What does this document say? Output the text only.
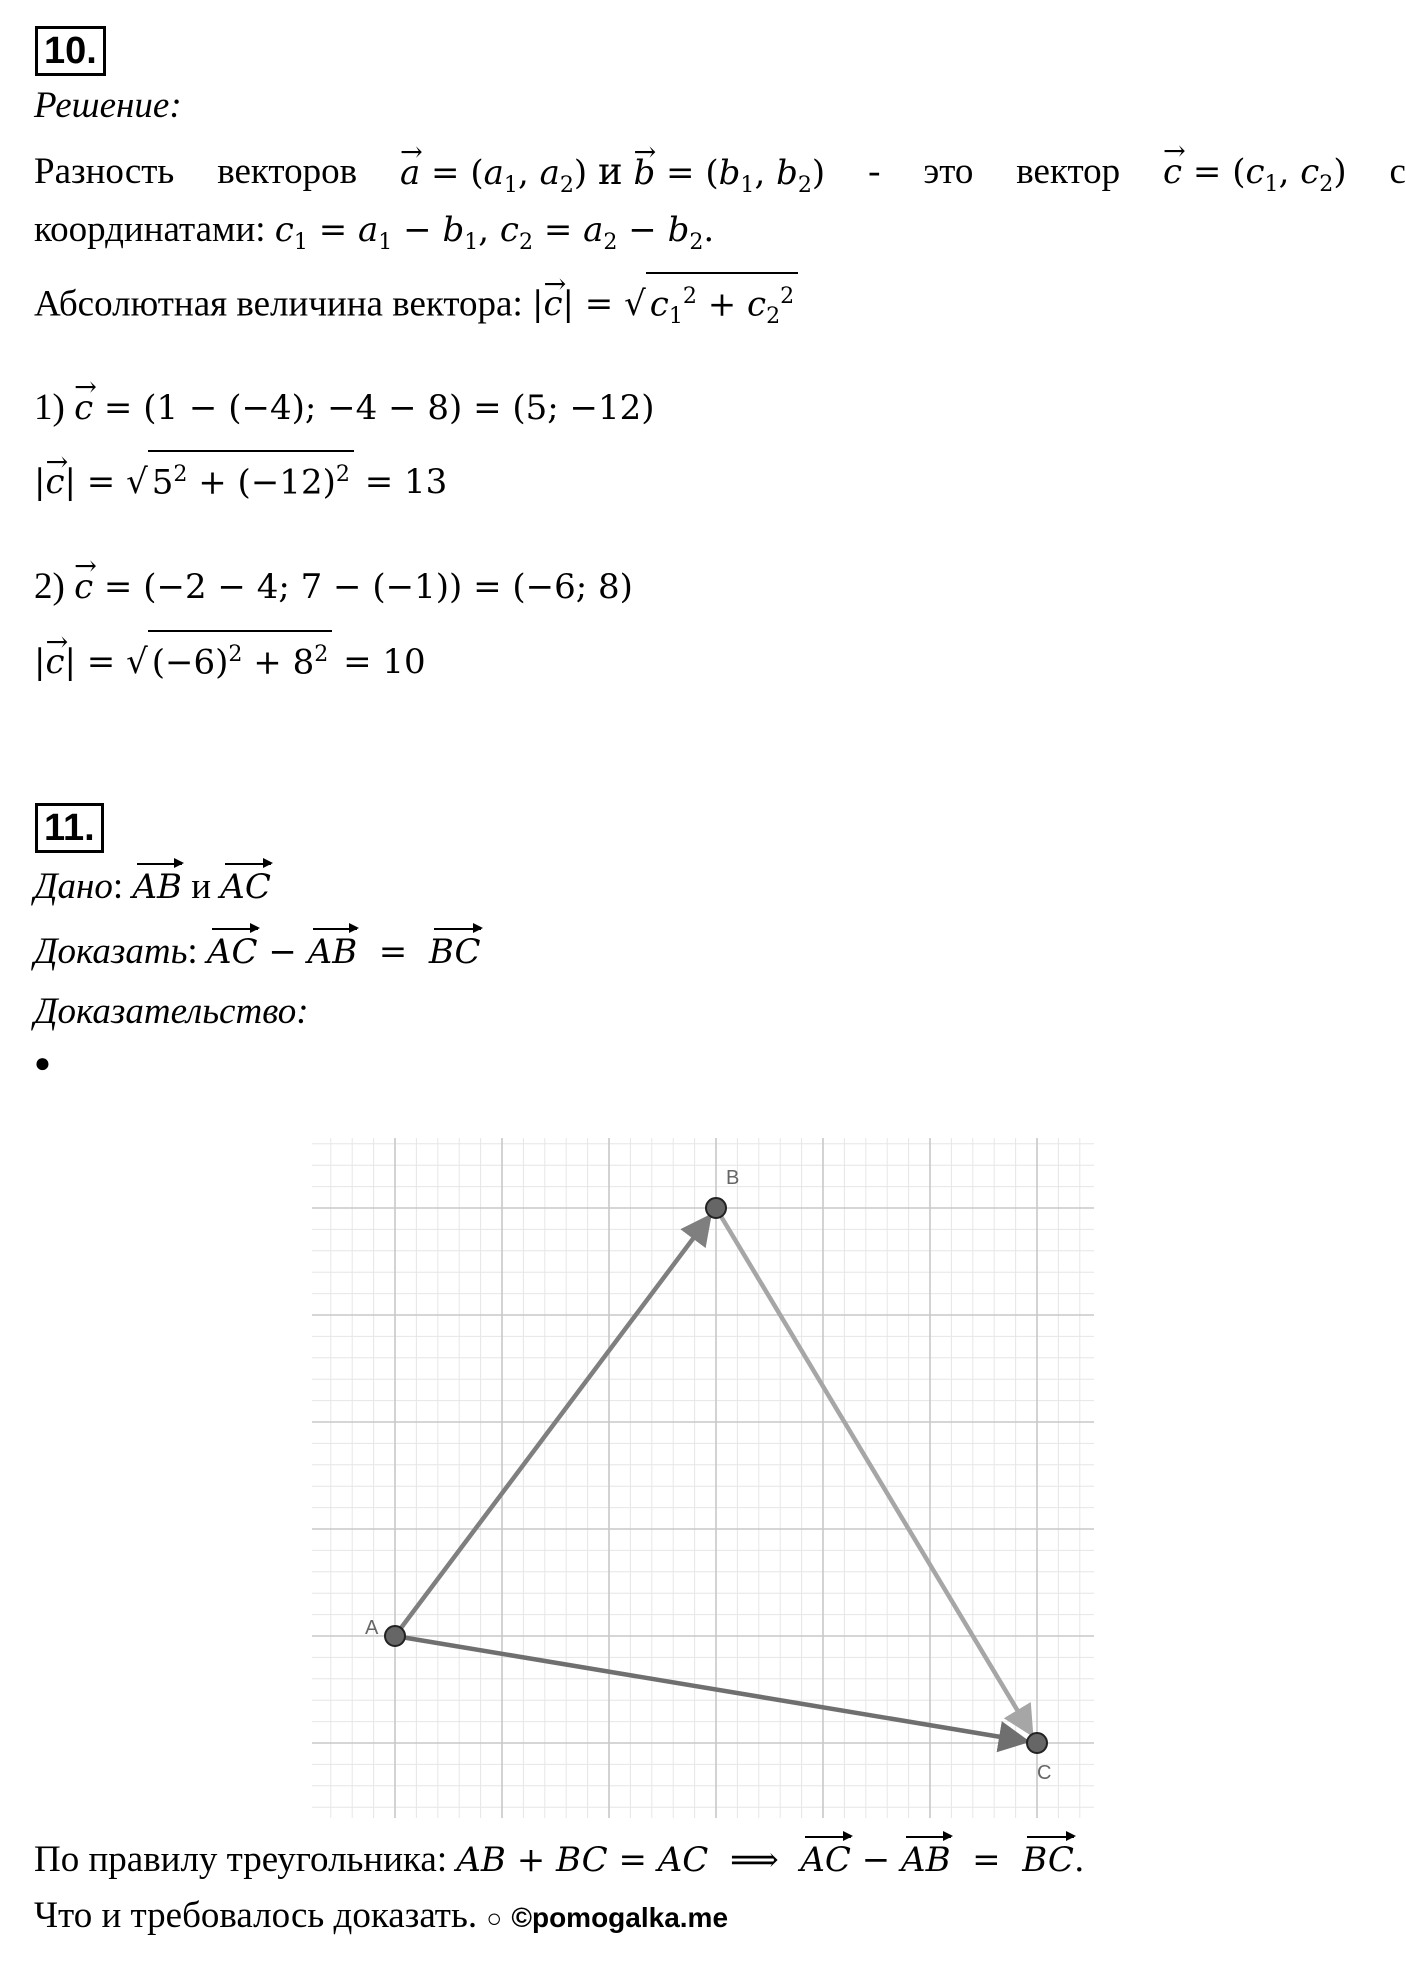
10.
Решение:
Разность векторов a → = ($a_1$, $a_2$) и b → = ($b_1$, $b_2$) - это вектор c → = ($c_1$, $c_2$) с
координатами: $c_1 = a_1 - b_1$, $c_2 = a_2 - b_2$.
Абсолютная величина вектора: |c →| = √ $c_1^2 + c_2^2$
1) c → = (1 − (−4); −4 − 8) = (5; −12)
|c →| = √ $5^2 + (-12)^2 = 13$
2) c → = (−2 − 4; 7 − (−1)) = (−6; 8)
|c →| = √ $(-6)^2 + 8^2 = 10$
11.
Дано: AB и AC
Доказать: AC − AB  =  BC
Доказательство:
●
A
B
C
По правилу треугольника: AB + BC = AC ⟹ AC − AB  =  BC.
Что и требовалось доказать. ○ ©pomogalka.me
